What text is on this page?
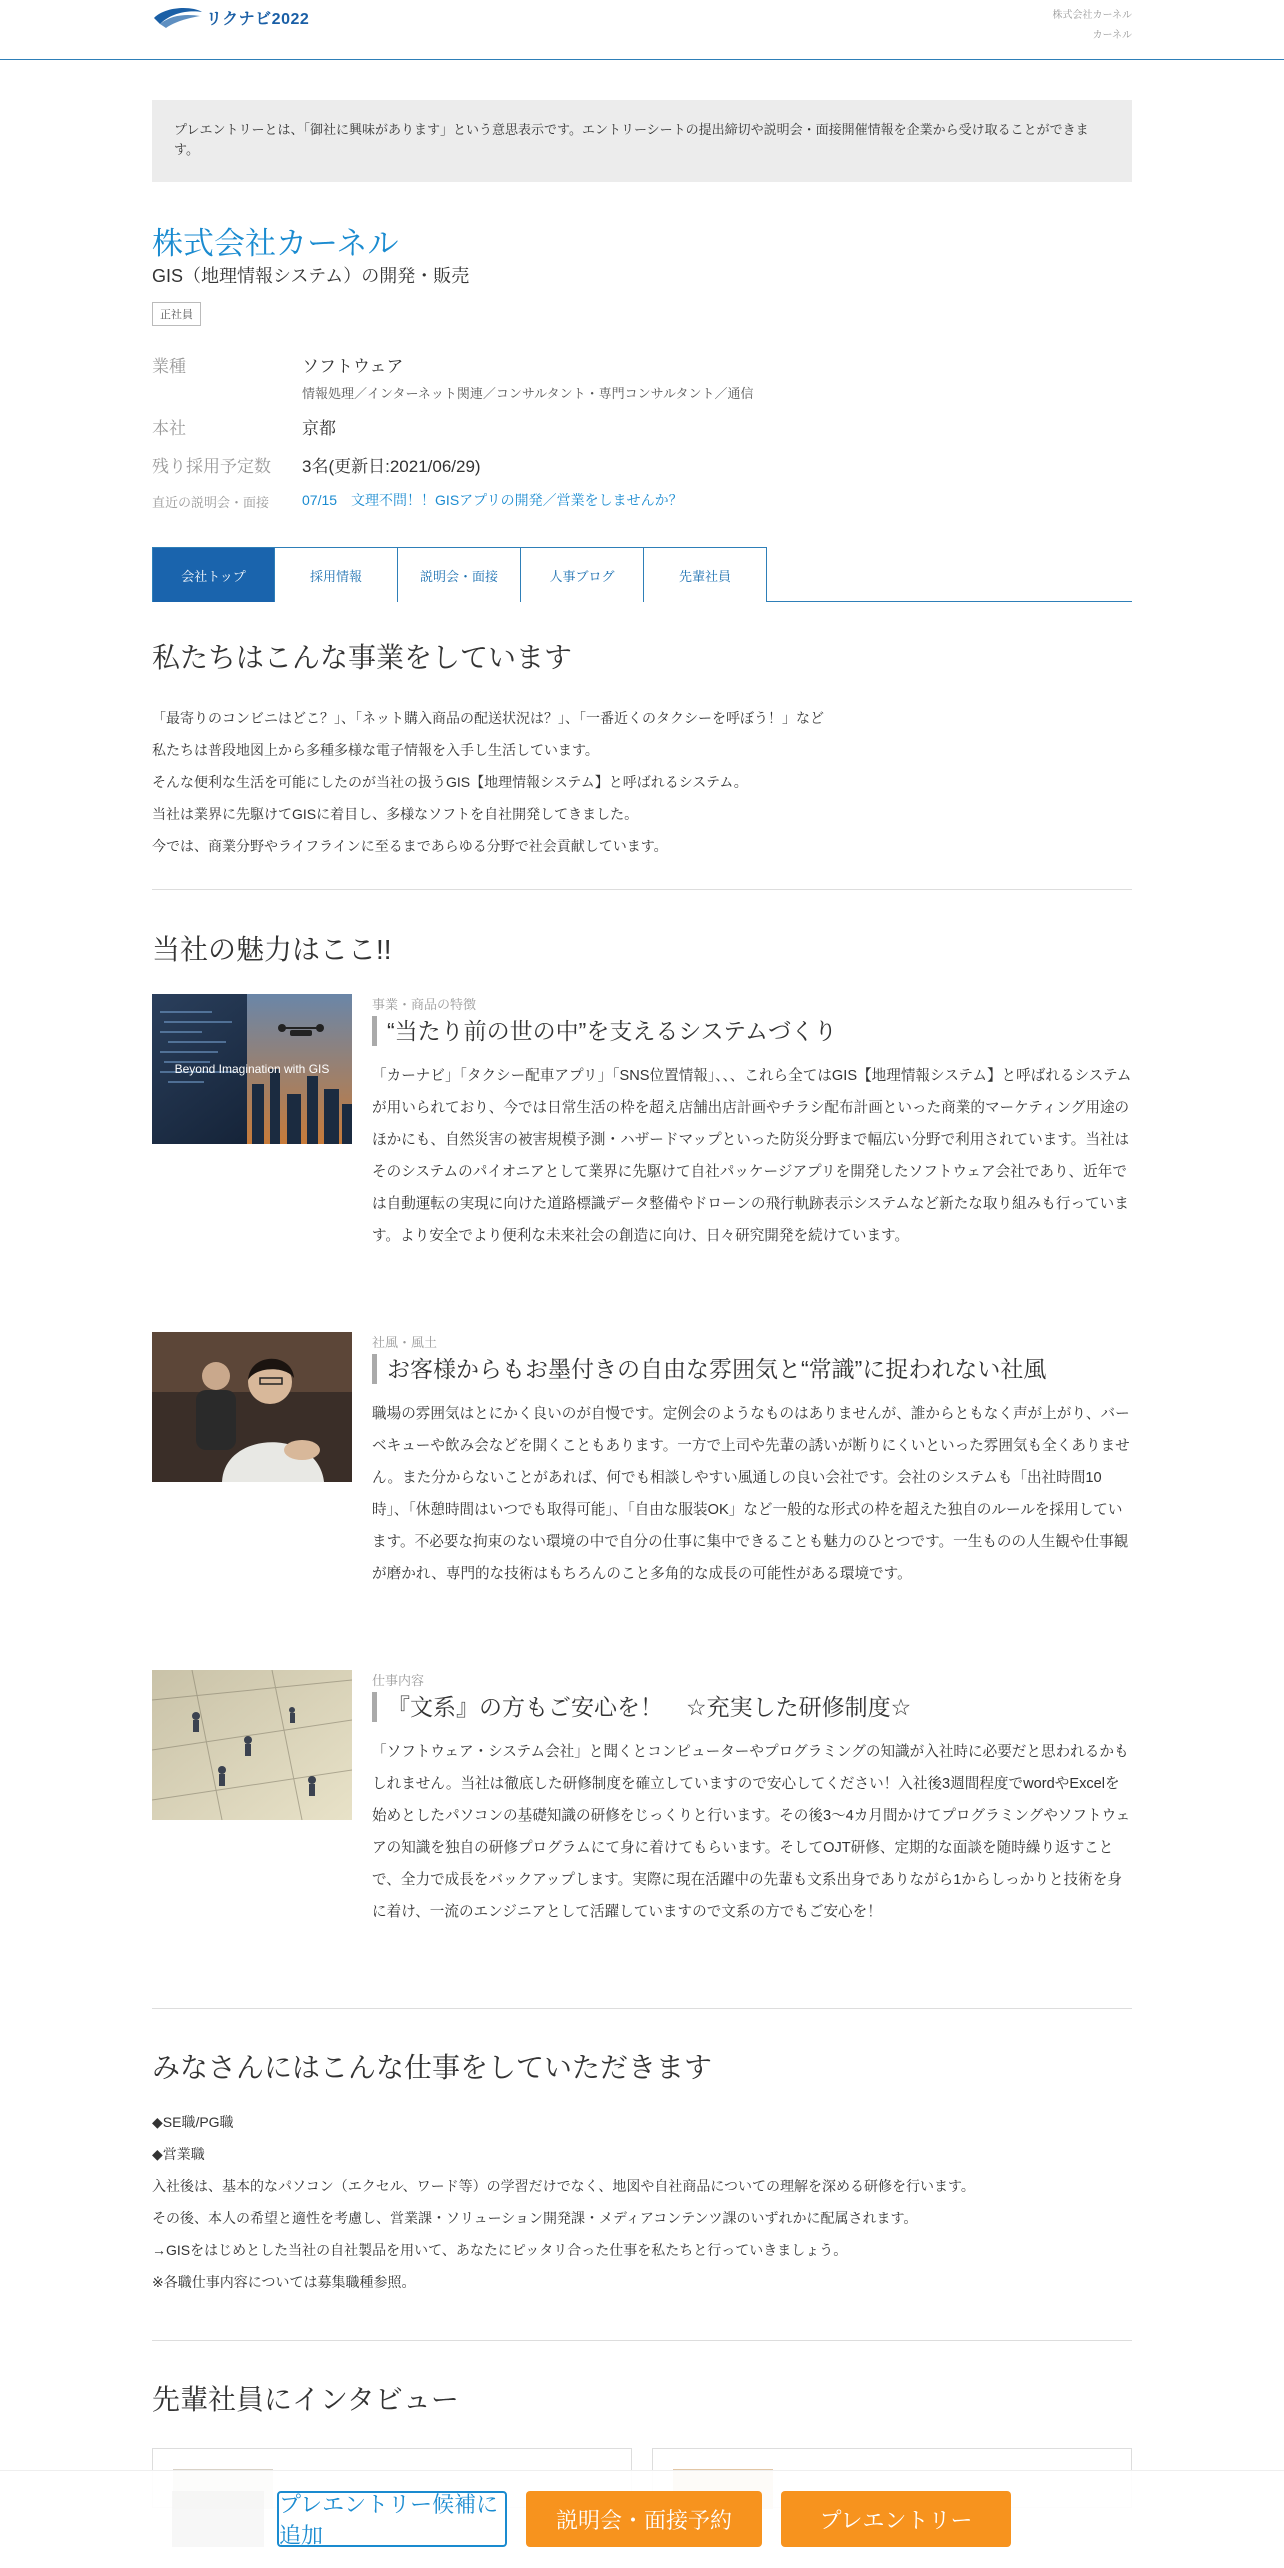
リクナビ2022	株式会社カーネル
カーネル
プレエントリーとは、「御社に興味があります」という意思表示です。エントリーシートの提出締切や説明会・面接開催情報を企業から受け取ることができます。
株式会社カーネル
GIS（地理情報システム）の開発・販売
正社員
業種	ソフトウェア
情報処理／インターネット関連／コンサルタント・専門コンサルタント／通信
本社	京都
残り採用予定数	3名(更新日:2021/06/29)
直近の説明会・面接	07/15　文理不問！！GISアプリの開発／営業をしませんか？
会社トップ	採用情報	説明会・面接	人事ブログ	先輩社員
私たちはこんな事業をしています
「最寄りのコンビニはどこ？」、「ネット購入商品の配送状況は？」、「一番近くのタクシーを呼ぼう！」など
私たちは普段地図上から多種多様な電子情報を入手し生活しています。
そんな便利な生活を可能にしたのが当社の扱うGIS【地理情報システム】と呼ばれるシステム。
当社は業界に先駆けてGISに着目し、多様なソフトを自社開発してきました。
今では、商業分野やライフラインに至るまであらゆる分野で社会貢献しています。
当社の魅力はここ!!
Beyond Imagination with GIS
事業・商品の特徴
“当たり前の世の中”を支えるシステムづくり
「カーナビ」「タクシー配車アプリ」「SNS位置情報」、、、これら全てはGIS【地理情報システム】と呼ばれるシステムが用いられており、今では日常生活の枠を超え店舗出店計画やチラシ配布計画といった商業的マーケティング用途のほかにも、自然災害の被害規模予測・ハザードマップといった防災分野まで幅広い分野で利用されています。当社はそのシステムのパイオニアとして業界に先駆けて自社パッケージアプリを開発したソフトウェア会社であり、近年では自動運転の実現に向けた道路標識データ整備やドローンの飛行軌跡表示システムなど新たな取り組みも行っています。より安全でより便利な未来社会の創造に向け、日々研究開発を続けています。
社風・風土
お客様からもお墨付きの自由な雰囲気と“常識”に捉われない社風
職場の雰囲気はとにかく良いのが自慢です。定例会のようなものはありませんが、誰からともなく声が上がり、バーベキューや飲み会などを開くこともあります。一方で上司や先輩の誘いが断りにくいといった雰囲気も全くありません。また分からないことがあれば、何でも相談しやすい風通しの良い会社です。会社のシステムも「出社時間10時」、「休憩時間はいつでも取得可能」、「自由な服装OK」など一般的な形式の枠を超えた独自のルールを採用しています。不必要な拘束のない環境の中で自分の仕事に集中できることも魅力のひとつです。一生ものの人生観や仕事観が磨かれ、専門的な技術はもちろんのこと多角的な成長の可能性がある環境です。
仕事内容
『文系』の方もご安心を！　☆充実した研修制度☆
「ソフトウェア・システム会社」と聞くとコンピューターやプログラミングの知識が入社時に必要だと思われるかもしれません。当社は徹底した研修制度を確立していますので安心してください！入社後3週間程度でwordやExcelを始めとしたパソコンの基礎知識の研修をじっくりと行います。その後3～4カ月間かけてプログラミングやソフトウェアの知識を独自の研修プログラムにて身に着けてもらいます。そしてOJT研修、定期的な面談を随時繰り返すことで、全力で成長をバックアップします。実際に現在活躍中の先輩も文系出身でありながら1からしっかりと技術を身に着け、一流のエンジニアとして活躍していますので文系の方でもご安心を！
みなさんにはこんな仕事をしていただきます
◆SE職/PG職
◆営業職
入社後は、基本的なパソコン（エクセル、ワード等）の学習だけでなく、地図や自社商品についての理解を深める研修を行います。
その後、本人の希望と適性を考慮し、営業課・ソリューション開発課・メディアコンテンツ課のいずれかに配属されます。
→GISをはじめとした当社の自社製品を用いて、あなたにピッタリ合った仕事を私たちと行っていきましょう。
※各職仕事内容については募集職種参照。
先輩社員にインタビュー
プレエントリー候補に追加
説明会・面接予約	プレエントリー
